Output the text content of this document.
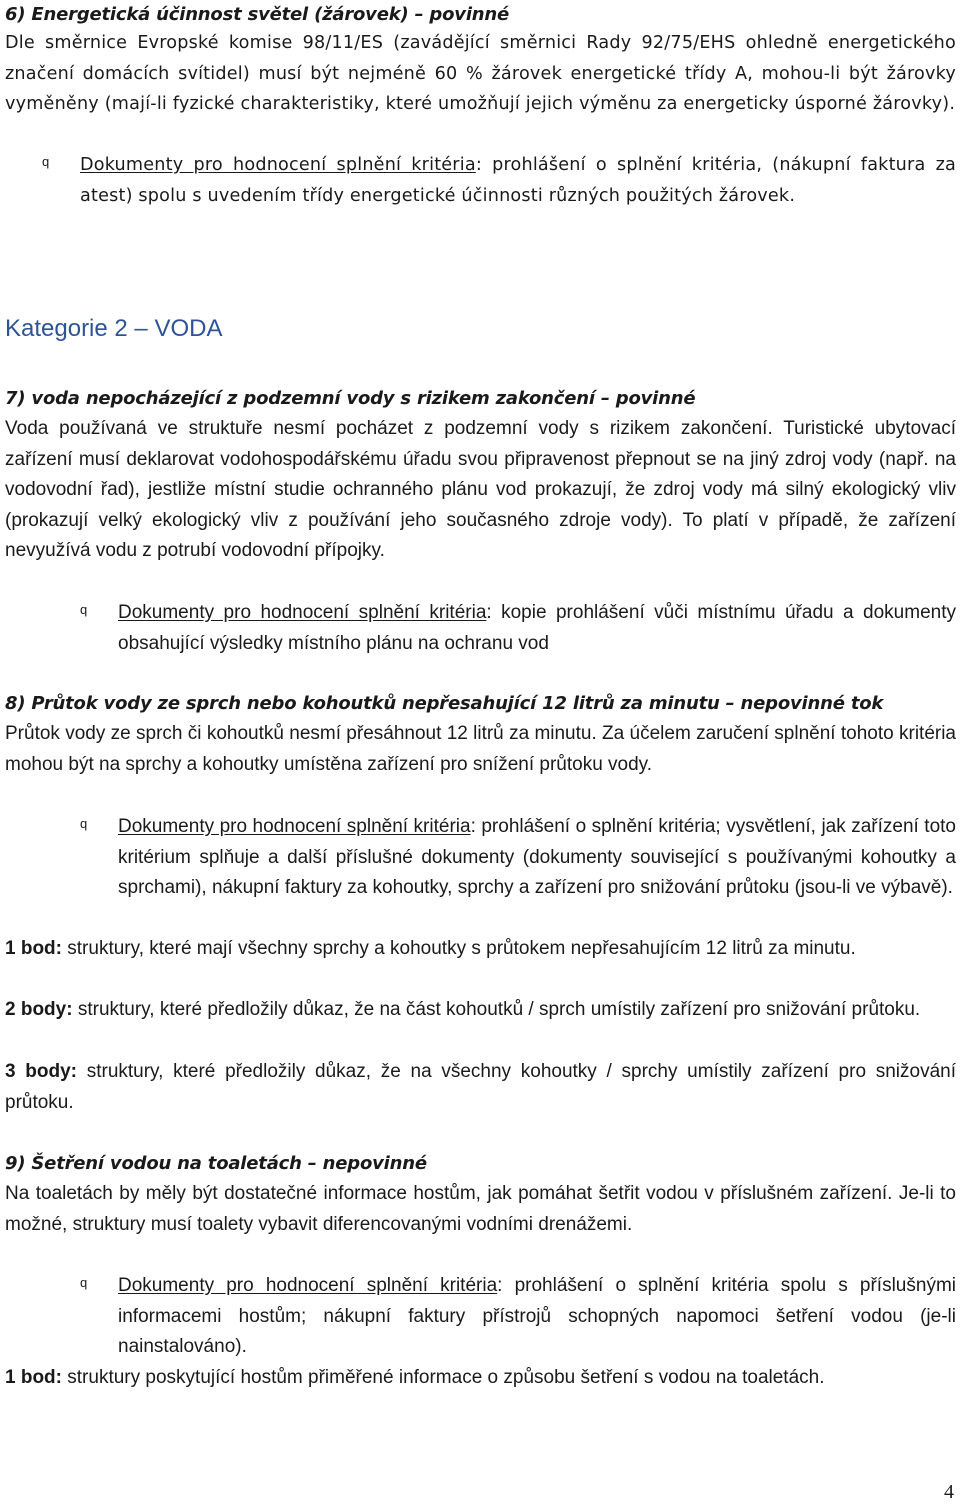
6) Energetická účinnost světel (žárovek) – povinné

Dle směrnice Evropské komise 98/11/ES (zavádějící směrnici Rady 92/75/EHS ohledně energetického značení domácích svítidel) musí být nejméně 60 % žárovek energetické třídy A, mohou-li být žárovky vyměněny (mají-li fyzické charakteristiky, které umožňují jejich výměnu za energeticky úsporné žárovky).

q Dokumenty pro hodnocení splnění kritéria: prohlášení o splnění kritéria, (nákupní faktura za atest) spolu s uvedením třídy energetické účinnosti různých použitých žárovek.

Kategorie 2 – VODA
7) voda nepocházející z podzemní vody s rizikem zakončení – povinné

Voda používaná ve struktuře nesmí pocházet z podzemní vody s rizikem zakončení. Turistické ubytovací zařízení musí deklarovat vodohospodářskému úřadu svou připravenost přepnout se na jiný zdroj vody (např. na vodovodní řad), jestliže místní studie ochranného plánu vod prokazují, že zdroj vody má silný ekologický vliv (prokazují velký ekologický vliv z používání jeho současného zdroje vody). To platí v případě, že zařízení nevyužívá vodu z potrubí vodovodní přípojky.

q Dokumenty pro hodnocení splnění kritéria: kopie prohlášení vůči místnímu úřadu a dokumenty obsahující výsledky místního plánu na ochranu vod

8) Průtok vody ze sprch nebo kohoutků nepřesahující 12 litrů za minutu – nepovinné tok

Průtok vody ze sprch či kohoutků nesmí přesáhnout 12 litrů za minutu. Za účelem zaručení splnění tohoto kritéria mohou být na sprchy a kohoutky umístěna zařízení pro snížení průtoku vody.

q Dokumenty pro hodnocení splnění kritéria: prohlášení o splnění kritéria; vysvětlení, jak zařízení toto kritérium splňuje a další příslušné dokumenty (dokumenty související s používanými kohoutky a sprchami), nákupní faktury za kohoutky, sprchy a zařízení pro snižování průtoku (jsou-li ve výbavě).

1 bod: struktury, které mají všechny sprchy a kohoutky s průtokem nepřesahujícím 12 litrů za minutu.

2 body: struktury, které předložily důkaz, že na část kohoutků / sprch umístily zařízení pro snižování průtoku.

3 body: struktury, které předložily důkaz, že na všechny kohoutky / sprchy umístily zařízení pro snižování průtoku.

9) Šetření vodou na toaletách – nepovinné

Na toaletách by měly být dostatečné informace hostům, jak pomáhat šetřit vodou v příslušném zařízení. Je-li to možné, struktury musí toalety vybavit diferencovanými vodními drenážemi.

q Dokumenty pro hodnocení splnění kritéria: prohlášení o splnění kritéria spolu s příslušnými informacemi hostům; nákupní faktury přístrojů schopných napomoci šetření vodou (je-li nainstalováno).

1 bod: struktury poskytující hostům přiměřené informace o způsobu šetření s vodou na toaletách.

4
